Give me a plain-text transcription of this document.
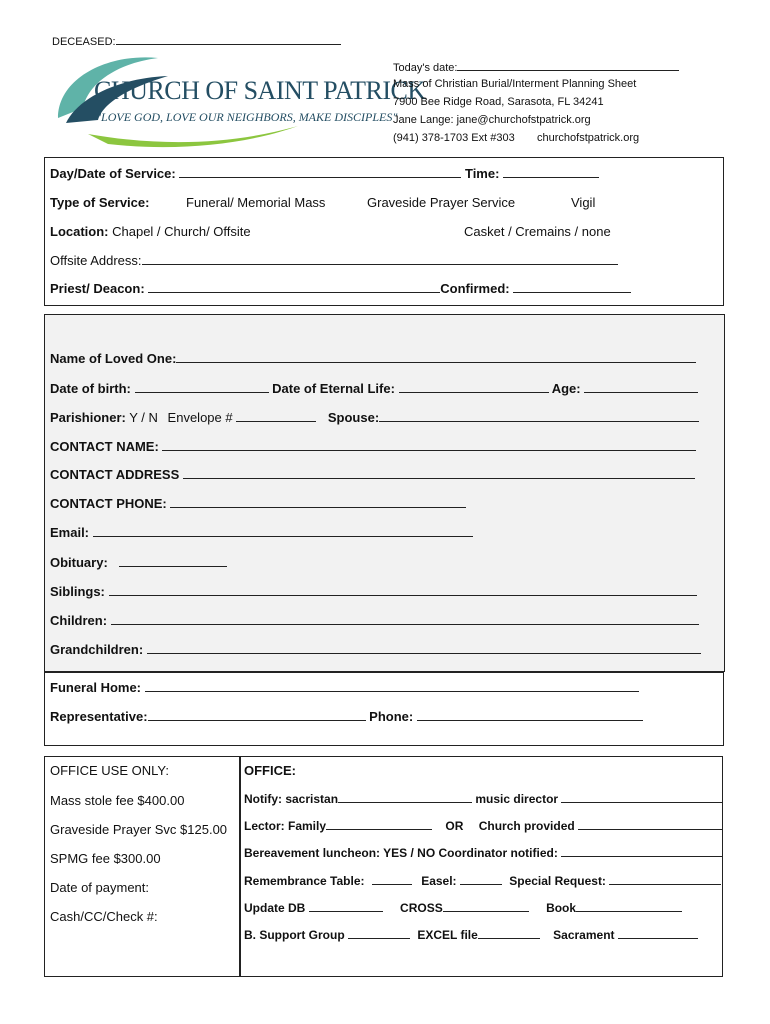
DECEASED:
CHURCH OF SAINT PATRICK
"LOVE GOD, LOVE OUR NEIGHBORS, MAKE DISCIPLES"
Today's date:
Mass of Christian Burial/Interment Planning Sheet
7900 Bee Ridge Road, Sarasota, FL 34241
Jane Lange: jane@churchofstpatrick.org
(941) 378-1703 Ext #303 churchofstpatrick.org
Day/Date of Service:	Time:
Type of Service:	Funeral/ Memorial Mass	Graveside Prayer Service	Vigil
Location: Chapel / Church/ Offsite	Casket / Cremains / none
Offsite Address:
Priest/ Deacon:	Confirmed:
Name of Loved One:
Date of birth:	Date of Eternal Life:	Age:
Parishioner: Y / N Envelope #	Spouse:
CONTACT NAME:
CONTACT ADDRESS
CONTACT PHONE:
Email:
Obituary:
Siblings:
Children:
Grandchildren:
Funeral Home:
Representative:	Phone:
OFFICE USE ONLY:
Mass stole fee $400.00
Graveside Prayer Svc $125.00
SPMG fee $300.00
Date of payment:
Cash/CC/Check #:
OFFICE:
Notify: sacristan	music director
Lector: Family	OR Church provided
Bereavement luncheon: YES / NO Coordinator notified:
Remembrance Table:	Easel:	Special Request:
Update DB	CROSS	Book
B. Support Group	EXCEL file	Sacrament
